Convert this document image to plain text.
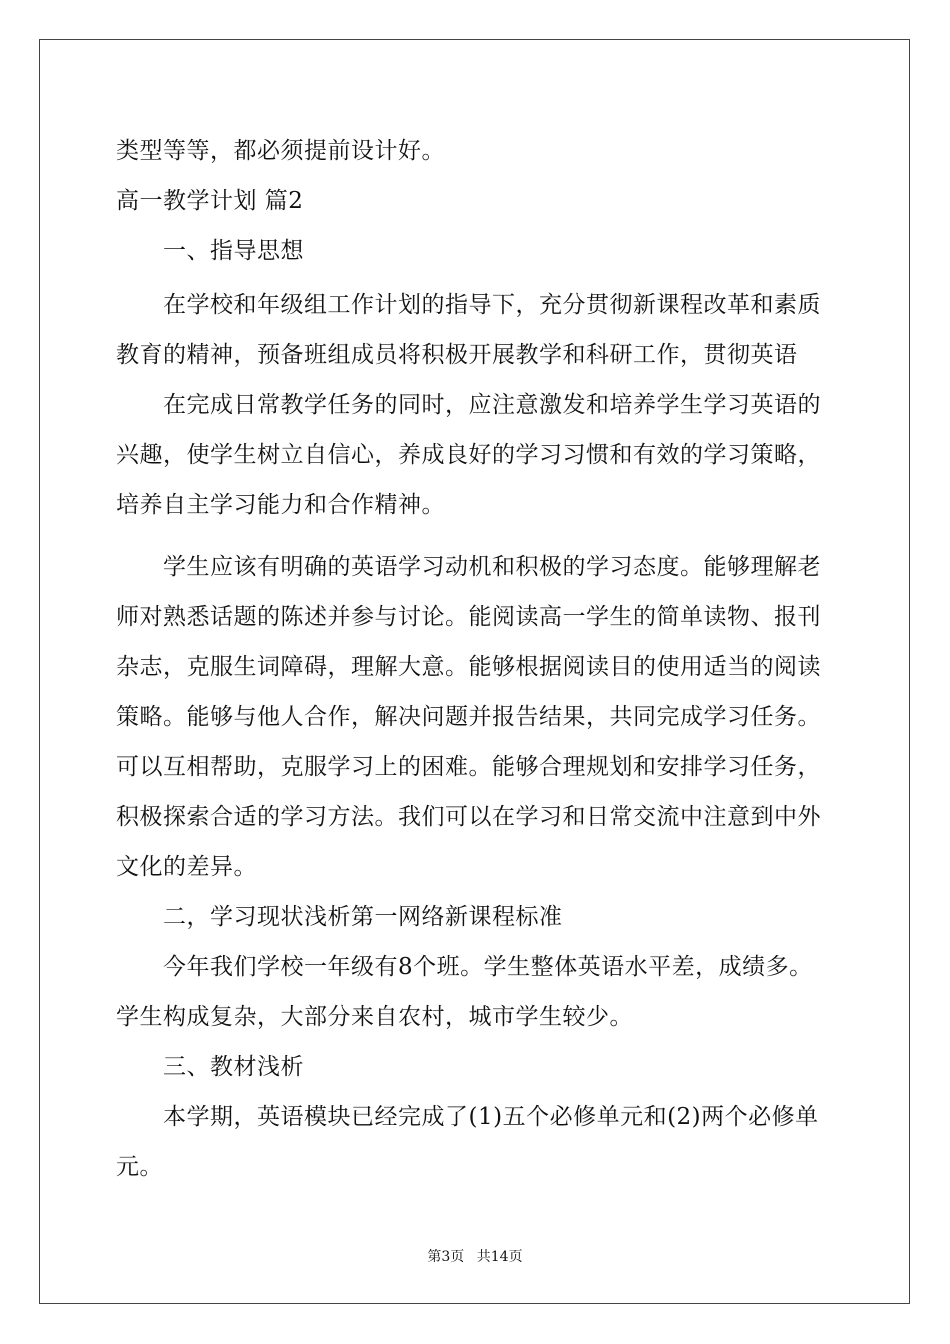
类型等等，都必须提前设计好。
高一教学计划 篇2
　　一、指导思想
　　在学校和年级组工作计划的指导下，充分贯彻新课程改革和素质
教育的精神，预备班组成员将积极开展教学和科研工作，贯彻英语
　　在完成日常教学任务的同时，应注意激发和培养学生学习英语的
兴趣，使学生树立自信心，养成良好的学习习惯和有效的学习策略，
培养自主学习能力和合作精神。
　　学生应该有明确的英语学习动机和积极的学习态度。能够理解老
师对熟悉话题的陈述并参与讨论。能阅读高一学生的简单读物、报刊
杂志，克服生词障碍，理解大意。能够根据阅读目的使用适当的阅读
策略。能够与他人合作，解决问题并报告结果，共同完成学习任务。
可以互相帮助，克服学习上的困难。能够合理规划和安排学习任务，
积极探索合适的学习方法。我们可以在学习和日常交流中注意到中外
文化的差异。
　　二，学习现状浅析第一网络新课程标准
　　今年我们学校一年级有8个班。学生整体英语水平差，成绩多。
学生构成复杂，大部分来自农村，城市学生较少。
　　三、教材浅析
　　本学期，英语模块已经完成了(1)五个必修单元和(2)两个必修单
元。
第3页 共14页
